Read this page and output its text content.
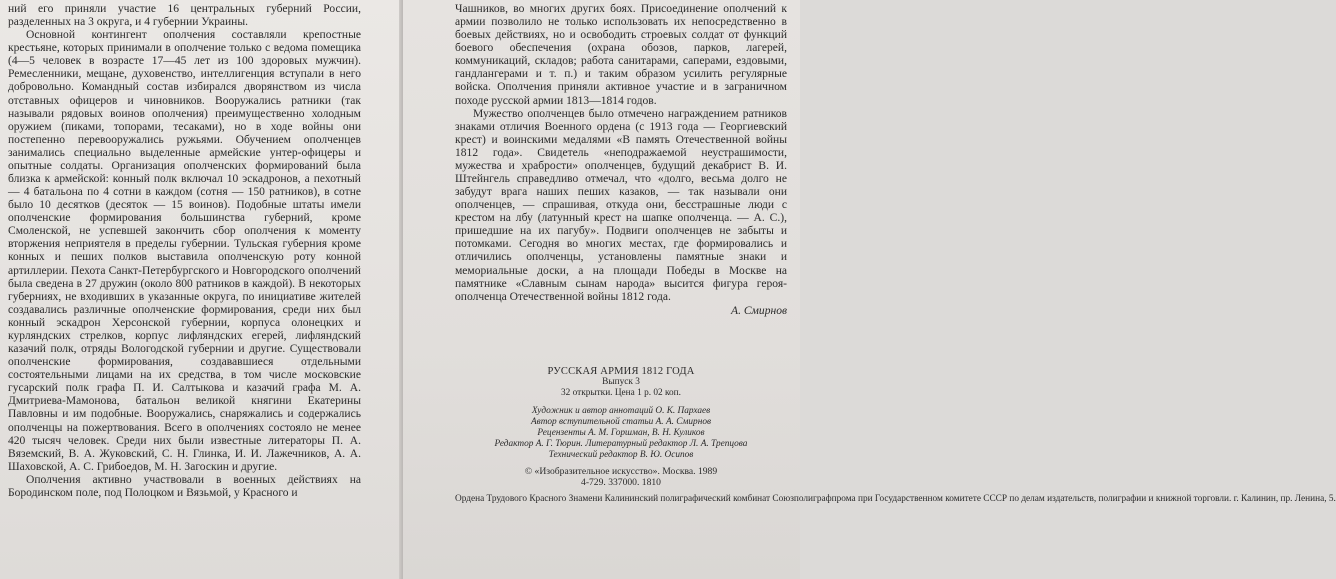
ний его приняли участие 16 центральных губерний России, разделенных на 3 округа, и 4 губернии Украины.

Основной контингент ополчения составляли крепостные крестьяне, которых принимали в ополчение только с ведома помещика (4—5 человек в возрасте 17—45 лет из 100 здоровых мужчин). Ремесленники, мещане, духовенство, интеллигенция вступали в него добровольно. Командный состав избирался дворянством из числа отставных офицеров и чиновников. Вооружались ратники (так называли рядовых воинов ополчения) преимущественно холодным оружием (пиками, топорами, тесаками), но в ходе войны они постепенно перевооружались ружьями. Обучением ополченцев занимались специально выделенные армейские унтер-офицеры и опытные солдаты. Организация ополченских формирований была близка к армейской: конный полк включал 10 эскадронов, а пехотный — 4 батальона по 4 сотни в каждом (сотня — 150 ратников), в сотне было 10 десятков (десяток — 15 воинов). Подобные штаты имели ополченские формирования большинства губерний, кроме Смоленской, не успевшей закончить сбор ополчения к моменту вторжения неприятеля в пределы губернии. Тульская губерния кроме конных и пеших полков выставила ополченскую роту конной артиллерии. Пехота Санкт-Петербургского и Новгородского ополчений была сведена в 27 дружин (около 800 ратников в каждой). В некоторых губерниях, не входивших в указанные округа, по инициативе жителей создавались различные ополченские формирования, среди них был конный эскадрон Херсонской губернии, корпуса олонецких и курляндских стрелков, корпус лифляндских егерей, лифляндский казачий полк, отряды Вологодской губернии и другие. Существовали ополченские формирования, создававшиеся отдельными состоятельными лицами на их средства, в том числе московские гусарский полк графа П. И. Салтыкова и казачий графа М. А. Дмитриева-Мамонова, батальон великой княгини Екатерины Павловны и им подобные. Вооружались, снаряжались и содержались ополченцы на пожертвования. Всего в ополчениях состояло не менее 420 тысяч человек. Среди них были известные литераторы П. А. Вяземский, В. А. Жуковский, С. Н. Глинка, И. И. Лажечников, А. А. Шаховской, А. С. Грибоедов, М. Н. Загоскин и другие.

Ополчения активно участвовали в военных действиях на Бородинском поле, под Полоцком и Вязьмой, у Красного и

Чашников, во многих других боях. Присоединение ополчений к армии позволило не только использовать их непосредственно в боевых действиях, но и освободить строевых солдат от функций боевого обеспечения (охрана обозов, парков, лагерей, коммуникаций, складов; работа санитарами, саперами, ездовыми, гандлангерами и т. п.) и таким образом усилить регулярные войска. Ополчения приняли активное участие и в заграничном походе русской армии 1813—1814 годов.

Мужество ополченцев было отмечено награждением ратников знаками отличия Военного ордена (с 1913 года — Георгиевский крест) и воинскими медалями «В память Отечественной войны 1812 года». Свидетель «неподражаемой неустрашимости, мужества и храбрости» ополченцев, будущий декабрист В. И. Штейнгель справедливо отмечал, что «долго, весьма долго не забудут врага наших пеших казаков, — так называли они ополченцев, — спрашивая, откуда они, бесстрашные люди с крестом на лбу (латунный крест на шапке ополченца. — А. С.), пришедшие на их пагубу». Подвиги ополченцев не забыты и потомками. Сегодня во многих местах, где формировались и отличились ополченцы, установлены памятные знаки и мемориальные доски, а на площади Победы в Москве на памятнике «Славным сынам народа» высится фигура героя-ополченца Отечественной войны 1812 года.

А. Смирнов

РУССКАЯ АРМИЯ 1812 ГОДА
Выпуск 3
32 открытки. Цена 1 р. 02 коп.
Художник и автор аннотаций О. К. Пархаев
Автор вступительной статьи А. А. Смирнов
Рецензенты А. М. Горшман, В. Н. Куликов
Редактор А. Г. Тюрин. Литературный редактор Л. А. Трепцова
Технический редактор В. Ю. Осипов
© «Изобразительное искусство». Москва. 1989
4-729. 337000. 1810
Ордена Трудового Красного Знамени Калининский полиграфический комбинат Союзполиграфпрома при Государственном комитете СССР по делам издательств, полиграфии и книжной торговли. г. Калинин, пр. Ленина, 5.
